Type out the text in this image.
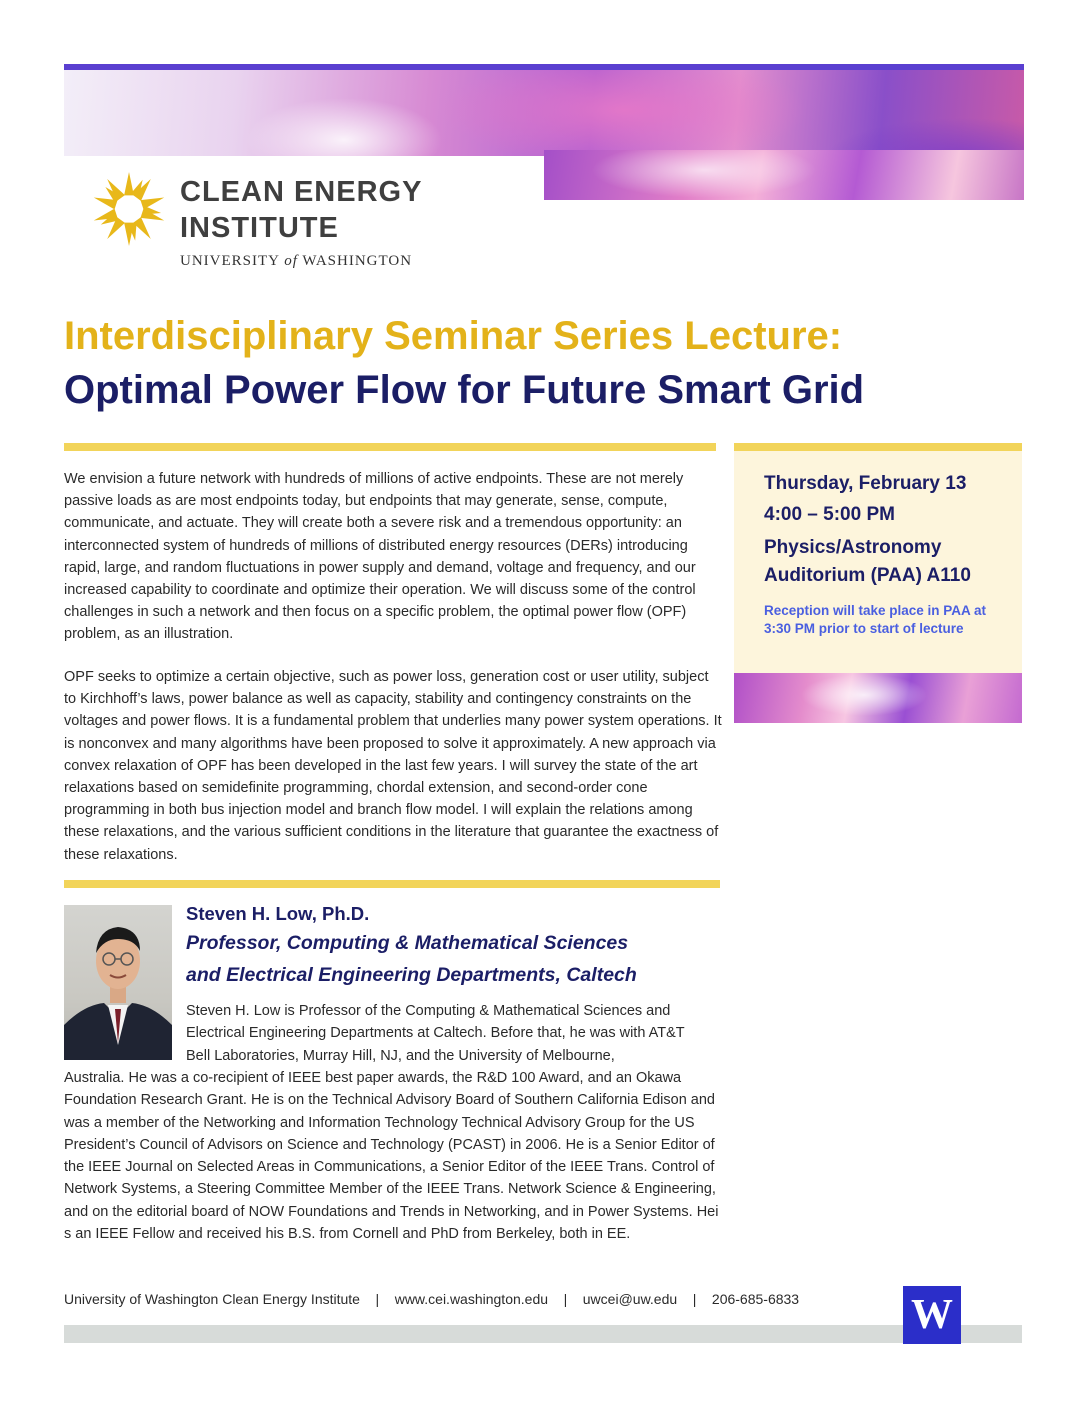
CLEAN ENERGY
INSTITUTE
UNIVERSITY of WASHINGTON
Interdisciplinary Seminar Series Lecture:
Optimal Power Flow for Future Smart Grid
We envision a future network with hundreds of millions of active endpoints. These are not merely passive loads as are most endpoints today, but endpoints that may generate, sense, compute, communicate, and actuate. They will create both a severe risk and a tremendous opportunity: an interconnected system of hundreds of millions of distributed energy resources (DERs) introducing rapid, large, and random fluctuations in power supply and demand, voltage and frequency, and our increased capability to coordinate and optimize their operation. We will discuss some of the control challenges in such a network and then focus on a specific problem, the optimal power flow (OPF) problem, as an illustration.
OPF seeks to optimize a certain objective, such as power loss, generation cost or user utility, subject to Kirchhoff’s laws, power balance as well as capacity, stability and contingency constraints on the voltages and power flows. It is a fundamental problem that underlies many power system operations. It is nonconvex and many algorithms have been proposed to solve it approximately. A new approach via convex relaxation of OPF has been developed in the last few years. I will survey the state of the art relaxations based on semidefinite programming, chordal extension, and second-order cone programming in both bus injection model and branch flow model. I will explain the relations among these relaxations, and the various sufficient conditions in the literature that guarantee the exactness of these relaxations.
Thursday, February 13
4:00 – 5:00 PM
Physics/Astronomy Auditorium (PAA) A110
Reception will take place in PAA at 3:30 PM prior to start of lecture
Steven H. Low, Ph.D.
Professor, Computing & Mathematical Sciences
and Electrical Engineering Departments, Caltech
Steven H. Low is Professor of the Computing & Mathematical Sciences and Electrical Engineering Departments at Caltech. Before that, he was with AT&T Bell Laboratories, Murray Hill, NJ, and the University of Melbourne,
Australia. He was a co-recipient of IEEE best paper awards, the R&D 100 Award, and an Okawa Foundation Research Grant. He is on the Technical Advisory Board of Southern California Edison and was a member of the Networking and Information Technology Technical Advisory Group for the US President’s Council of Advisors on Science and Technology (PCAST) in 2006. He is a Senior Editor of the IEEE Journal on Selected Areas in Communications, a Senior Editor of the IEEE Trans. Control of Network Systems, a Steering Committee Member of the IEEE Trans. Network Science & Engineering, and on the editorial board of NOW Foundations and Trends in Networking, and in Power Systems. Hei s an IEEE Fellow and received his B.S. from Cornell and PhD from Berkeley, both in EE.
University of Washington Clean Energy Institute    |    www.cei.washington.edu    |    uwcei@uw.edu    |    206-685-6833	W
